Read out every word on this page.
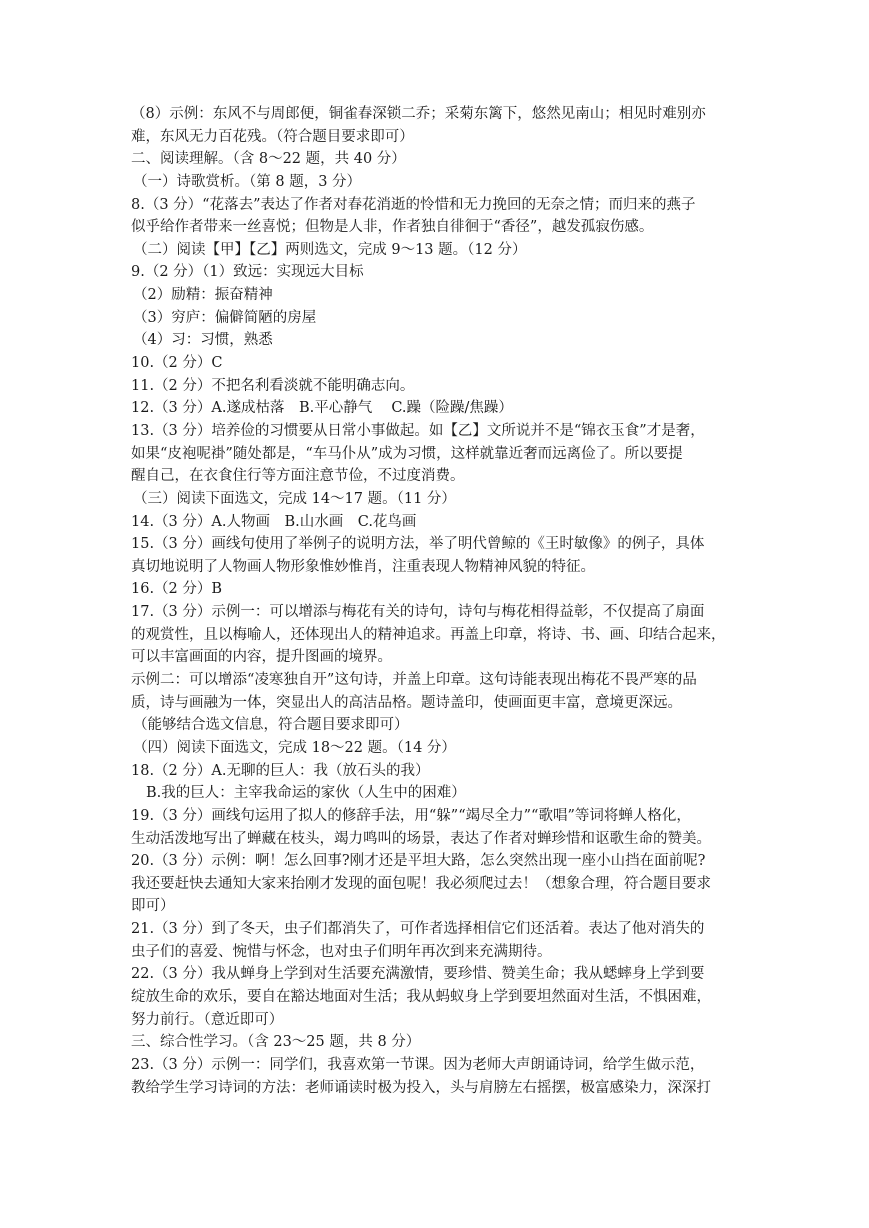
（8）示例：东风不与周郎便，铜雀春深锁二乔；采菊东篱下，悠然见南山；相见时难别亦
难，东风无力百花残。（符合题目要求即可）
二、阅读理解。（含 8～22 题，共 40 分）
（一）诗歌赏析。（第 8 题，3 分）
8.（3 分）“花落去”表达了作者对春花消逝的怜惜和无力挽回的无奈之情；而归来的燕子
似乎给作者带来一丝喜悦；但物是人非，作者独自徘徊于“香径”，越发孤寂伤感。
（二）阅读【甲】【乙】两则选文，完成 9～13 题。（12 分）
9.（2 分）（1）致远：实现远大目标
（2）励精：振奋精神
（3）穷庐：偏僻简陋的房屋
（4）习：习惯，熟悉
10.（2 分）C
11.（2 分）不把名利看淡就不能明确志向。
12.（3 分）A.遂成枯落　B.平心静气　 C.躁（险躁/焦躁）
13.（3 分）培养俭的习惯要从日常小事做起。如【乙】文所说并不是“锦衣玉食”才是奢，
如果“皮袍呢褂”随处都是，“车马仆从”成为习惯，这样就靠近奢而远离俭了。所以要提
醒自己，在衣食住行等方面注意节俭，不过度消费。
（三）阅读下面选文，完成 14～17 题。（11 分）
14.（3 分）A.人物画　B.山水画　C.花鸟画
15.（3 分）画线句使用了举例子的说明方法，举了明代曾鲸的《王时敏像》的例子，具体
真切地说明了人物画人物形象惟妙惟肖，注重表现人物精神风貌的特征。
16.（2 分）B
17.（3 分）示例一：可以增添与梅花有关的诗句，诗句与梅花相得益彰，不仅提高了扇面
的观赏性，且以梅喻人，还体现出人的精神追求。再盖上印章，将诗、书、画、印结合起来，
可以丰富画面的内容，提升图画的境界。
示例二：可以增添“凌寒独自开”这句诗，并盖上印章。这句诗能表现出梅花不畏严寒的品
质，诗与画融为一体，突显出人的高洁品格。题诗盖印，使画面更丰富，意境更深远。
（能够结合选文信息，符合题目要求即可）
（四）阅读下面选文，完成 18～22 题。（14 分）
18.（2 分）A.无聊的巨人：我（放石头的我）
B.我的巨人：主宰我命运的家伙（人生中的困难）
19.（3 分）画线句运用了拟人的修辞手法，用“躲”“竭尽全力”“歌唱”等词将蝉人格化，
生动活泼地写出了蝉藏在枝头，竭力鸣叫的场景，表达了作者对蝉珍惜和讴歌生命的赞美。
20.（3 分）示例：啊！怎么回事?刚才还是平坦大路，怎么突然出现一座小山挡在面前呢?
我还要赶快去通知大家来抬刚才发现的面包呢！我必须爬过去！（想象合理，符合题目要求
即可）
21.（3 分）到了冬天，虫子们都消失了，可作者选择相信它们还活着。表达了他对消失的
虫子们的喜爱、惋惜与怀念，也对虫子们明年再次到来充满期待。
22.（3 分）我从蝉身上学到对生活要充满激情，要珍惜、赞美生命；我从蟋蟀身上学到要
绽放生命的欢乐，要自在豁达地面对生活；我从蚂蚁身上学到要坦然面对生活，不惧困难，
努力前行。（意近即可）
三、综合性学习。（含 23～25 题，共 8 分）
23.（3 分）示例一：同学们，我喜欢第一节课。因为老师大声朗诵诗词，给学生做示范，
教给学生学习诗词的方法：老师诵读时极为投入，头与肩膀左右摇摆，极富感染力，深深打
